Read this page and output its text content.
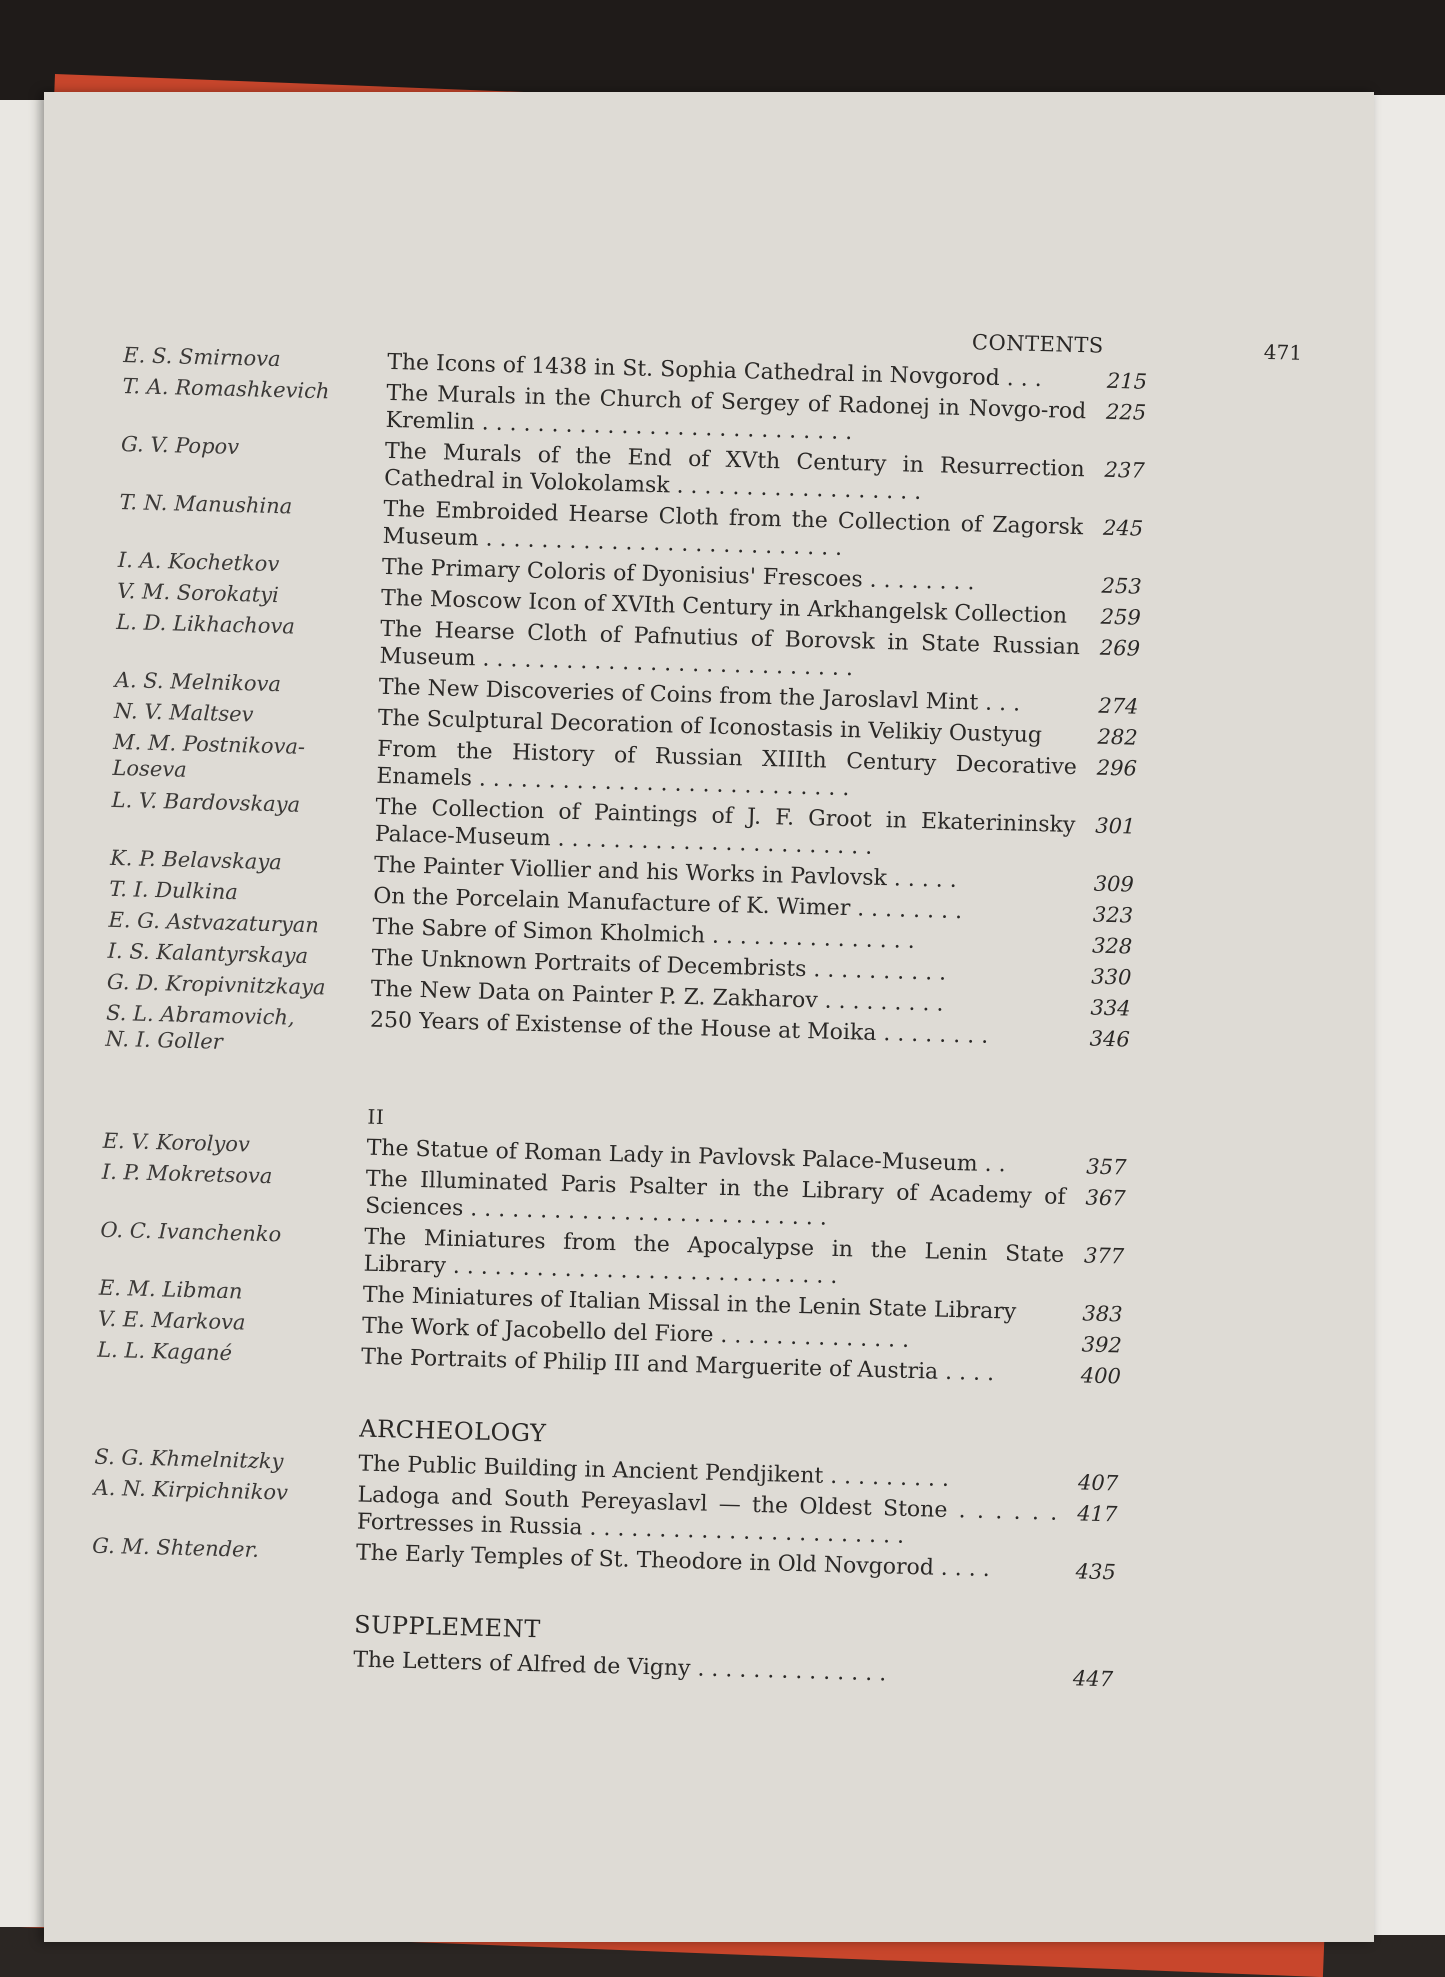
CONTENTS	471
E. S. Smirnova	The Icons of 1438 in St. Sophia Cathedral in Novgorod . . .	215
T. A. Romashkevich	The Murals in the Church of Sergey of Radonej in Novgo-rod Kremlin . . . . . . . . . . . . . . . . . . . . . . . . . . .	225
G. V. Popov	The Murals of the End of XVth Century in Resurrection Cathedral in Volokolamsk . . . . . . . . . . . . . . . . . .	237
T. N. Manushina	The Embroided Hearse Cloth from the Collection of Zagorsk Museum . . . . . . . . . . . . . . . . . . . . . . . . . .	245
I. A. Kochetkov	The Primary Coloris of Dyonisius' Frescoes . . . . . . . .	253
V. M. Sorokatyi	The Moscow Icon of XVIth Century in Arkhangelsk Collection	259
L. D. Likhachova	The Hearse Cloth of Pafnutius of Borovsk in State Russian Museum . . . . . . . . . . . . . . . . . . . . . . . . . . .	269
A. S. Melnikova	The New Discoveries of Coins from the Jaroslavl Mint . . .	274
N. V. Maltsev	The Sculptural Decoration of Iconostasis in Velikiy Oustyug	282
M. M. Postnikova-
Loseva	From the History of Russian XIIIth Century Decorative Enamels . . . . . . . . . . . . . . . . . . . . . . . . . . .	296
L. V. Bardovskaya	The Collection of Paintings of J. F. Groot in Ekaterininsky Palace-Museum . . . . . . . . . . . . . . . . . . . . . . .	301
K. P. Belavskaya	The Painter Viollier and his Works in Pavlovsk . . . . .	309
T. I. Dulkina	On the Porcelain Manufacture of K. Wimer . . . . . . . .	323
E. G. Astvazaturyan	The Sabre of Simon Kholmich . . . . . . . . . . . . . . .	328
I. S. Kalantyrskaya	The Unknown Portraits of Decembrists . . . . . . . . . .	330
G. D. Kropivnitzkaya	The New Data on Painter P. Z. Zakharov . . . . . . . . .	334
S. L. Abramovich,
N. I. Goller	250 Years of Existense of the House at Moika . . . . . . . .	346
II
E. V. Korolyov	The Statue of Roman Lady in Pavlovsk Palace-Museum . .	357
I. P. Mokretsova	The Illuminated Paris Psalter in the Library of Academy of Sciences . . . . . . . . . . . . . . . . . . . . . . . . . .	367
O. C. Ivanchenko	The Miniatures from the Apocalypse in the Lenin State Library . . . . . . . . . . . . . . . . . . . . . . . . . . . .	377
E. M. Libman	The Miniatures of Italian Missal in the Lenin State Library	383
V. E. Markova	The Work of Jacobello del Fiore . . . . . . . . . . . . . .	392
L. L. Kagané	The Portraits of Philip III and Marguerite of Austria . . . .	400
ARCHEOLOGY
S. G. Khmelnitzky	The Public Building in Ancient Pendjikent . . . . . . . . .	407
A. N. Kirpichnikov	Ladoga and South Pereyaslavl — the Oldest Stone . . . . . . Fortresses in Russia . . . . . . . . . . . . . . . . . . . . . . .	417
G. M. Shtender.	The Early Temples of St. Theodore in Old Novgorod . . . .	435
SUPPLEMENT
The Letters of Alfred de Vigny . . . . . . . . . . . . . .	447
